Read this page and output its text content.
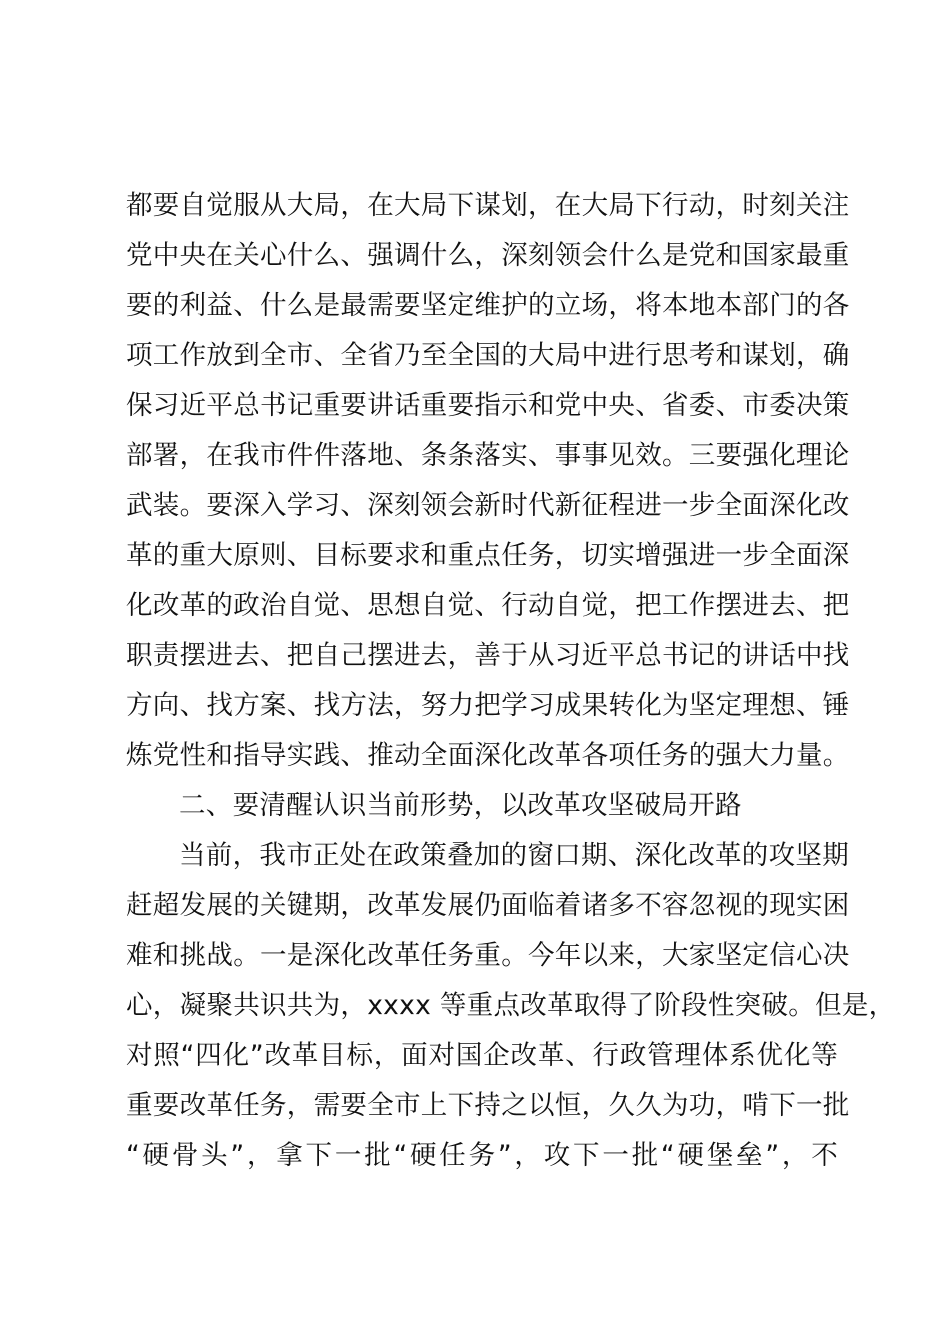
都要自觉服从大局，在大局下谋划，在大局下行动，时刻关注
党中央在关心什么、强调什么，深刻领会什么是党和国家最重
要的利益、什么是最需要坚定维护的立场，将本地本部门的各
项工作放到全市、全省乃至全国的大局中进行思考和谋划，确
保习近平总书记重要讲话重要指示和党中央、省委、市委决策
部署，在我市件件落地、条条落实、事事见效。三要强化理论
武装。要深入学习、深刻领会新时代新征程进一步全面深化改
革的重大原则、目标要求和重点任务，切实增强进一步全面深
化改革的政治自觉、思想自觉、行动自觉，把工作摆进去、把
职责摆进去、把自己摆进去，善于从习近平总书记的讲话中找
方向、找方案、找方法，努力把学习成果转化为坚定理想、锤
炼党性和指导实践、推动全面深化改革各项任务的强大力量。
二、要清醒认识当前形势，以改革攻坚破局开路
当前，我市正处在政策叠加的窗口期、深化改革的攻坚期
赶超发展的关键期，改革发展仍面临着诸多不容忽视的现实困
难和挑战。一是深化改革任务重。今年以来，大家坚定信心决
心，凝聚共识共为，xxxx 等重点改革取得了阶段性突破。但是，
对照“四化”改革目标，面对国企改革、行政管理体系优化等
重要改革任务，需要全市上下持之以恒，久久为功，啃下一批
“硬骨头”，拿下一批“硬任务”，攻下一批“硬堡垒”，不
